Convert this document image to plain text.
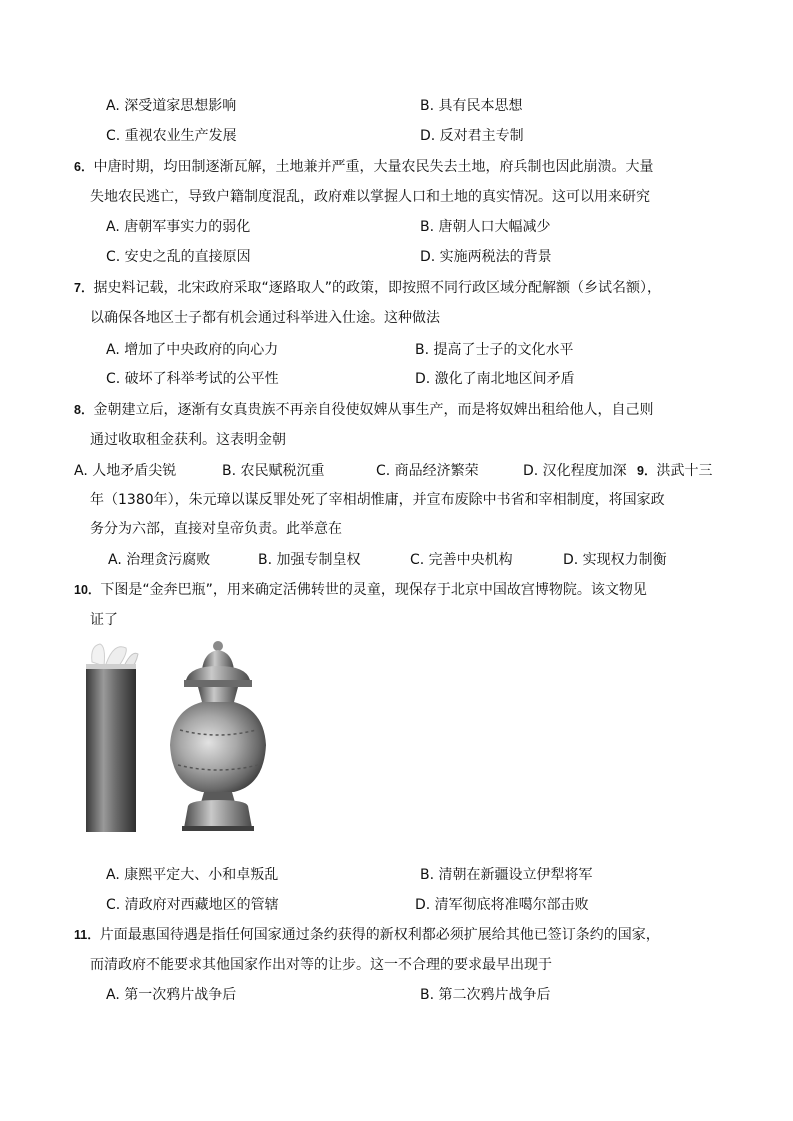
A. 深受道家思想影响	B. 具有民本思想
C. 重视农业生产发展	D. 反对君主专制
6．中唐时期，均田制逐渐瓦解，土地兼并严重，大量农民失去土地，府兵制也因此崩溃。大量
失地农民逃亡，导致户籍制度混乱，政府难以掌握人口和土地的真实情况。这可以用来研究
A. 唐朝军事实力的弱化	B. 唐朝人口大幅减少
C. 安史之乱的直接原因	D. 实施两税法的背景
7．据史料记载，北宋政府采取“逐路取人”的政策，即按照不同行政区域分配解额（乡试名额），
以确保各地区士子都有机会通过科举进入仕途。这种做法
A. 增加了中央政府的向心力	B. 提高了士子的文化水平
C. 破坏了科举考试的公平性	D. 激化了南北地区间矛盾
8．金朝建立后，逐渐有女真贵族不再亲自役使奴婢从事生产，而是将奴婢出租给他人，自己则
通过收取租金获利。这表明金朝
A. 人地矛盾尖锐	B. 农民赋税沉重	C. 商品经济繁荣	D. 汉化程度加深 9．洪武十三
年（1380年），朱元璋以谋反罪处死了宰相胡惟庸，并宣布废除中书省和宰相制度，将国家政
务分为六部，直接对皇帝负责。此举意在
A. 治理贪污腐败	B. 加强专制皇权	C. 完善中央机构	D. 实现权力制衡
10．下图是“金奔巴瓶”，用来确定活佛转世的灵童，现保存于北京中国故宫博物院。该文物见
证了
A. 康熙平定大、小和卓叛乱	B. 清朝在新疆设立伊犁将军
C. 清政府对西藏地区的管辖	D. 清军彻底将准噶尔部击败
11．片面最惠国待遇是指任何国家通过条约获得的新权利都必须扩展给其他已签订条约的国家，
而清政府不能要求其他国家作出对等的让步。这一不合理的要求最早出现于
A. 第一次鸦片战争后	B. 第二次鸦片战争后
